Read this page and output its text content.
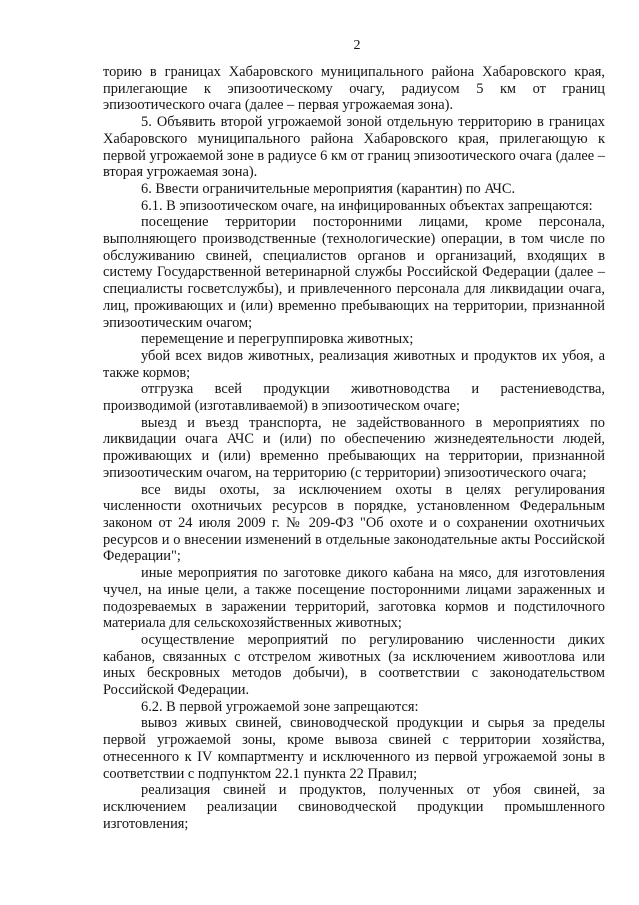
2

торию в границах Хабаровского муниципального района Хабаровского края, прилегающие к эпизоотическому очагу, радиусом 5 км от границ эпизоотического очага (далее – первая угрожаемая зона).

5. Объявить второй угрожаемой зоной отдельную территорию в границах Хабаровского муниципального района Хабаровского края, прилегающую к первой угрожаемой зоне в радиусе 6 км от границ эпизоотического очага (далее – вторая угрожаемая зона).

6. Ввести ограничительные мероприятия (карантин) по АЧС.

6.1. В эпизоотическом очаге, на инфицированных объектах запрещаются:

посещение территории посторонними лицами, кроме персонала, выполняющего производственные (технологические) операции, в том числе по обслуживанию свиней, специалистов органов и организаций, входящих в систему Государственной ветеринарной службы Российской Федерации (далее – специалисты госветслужбы), и привлеченного персонала для ликвидации очага, лиц, проживающих и (или) временно пребывающих на территории, признанной эпизоотическим очагом;

перемещение и перегруппировка животных;

убой всех видов животных, реализация животных и продуктов их убоя, а также кормов;

отгрузка всей продукции животноводства и растениеводства, производимой (изготавливаемой) в эпизоотическом очаге;

выезд и въезд транспорта, не задействованного в мероприятиях по ликвидации очага АЧС и (или) по обеспечению жизнедеятельности людей, проживающих и (или) временно пребывающих на территории, признанной эпизоотическим очагом, на территорию (с территории) эпизоотического очага;

все виды охоты, за исключением охоты в целях регулирования численности охотничьих ресурсов в порядке, установленном Федеральным законом от 24 июля 2009 г. № 209-ФЗ "Об охоте и о сохранении охотничьих ресурсов и о внесении изменений в отдельные законодательные акты Российской Федерации";

иные мероприятия по заготовке дикого кабана на мясо, для изготовления чучел, на иные цели, а также посещение посторонними лицами зараженных и подозреваемых в заражении территорий, заготовка кормов и подстилочного материала для сельскохозяйственных животных;

осуществление мероприятий по регулированию численности диких кабанов, связанных с отстрелом животных (за исключением живоотлова или иных бескровных методов добычи), в соответствии с законодательством Российской Федерации.

6.2. В первой угрожаемой зоне запрещаются:

вывоз живых свиней, свиноводческой продукции и сырья за пределы первой угрожаемой зоны, кроме вывоза свиней с территории хозяйства, отнесенного к IV компартменту и исключенного из первой угрожаемой зоны в соответствии с подпунктом 22.1 пункта 22 Правил;

реализация свиней и продуктов, полученных от убоя свиней, за исключением реализации свиноводческой продукции промышленного изготовления;
